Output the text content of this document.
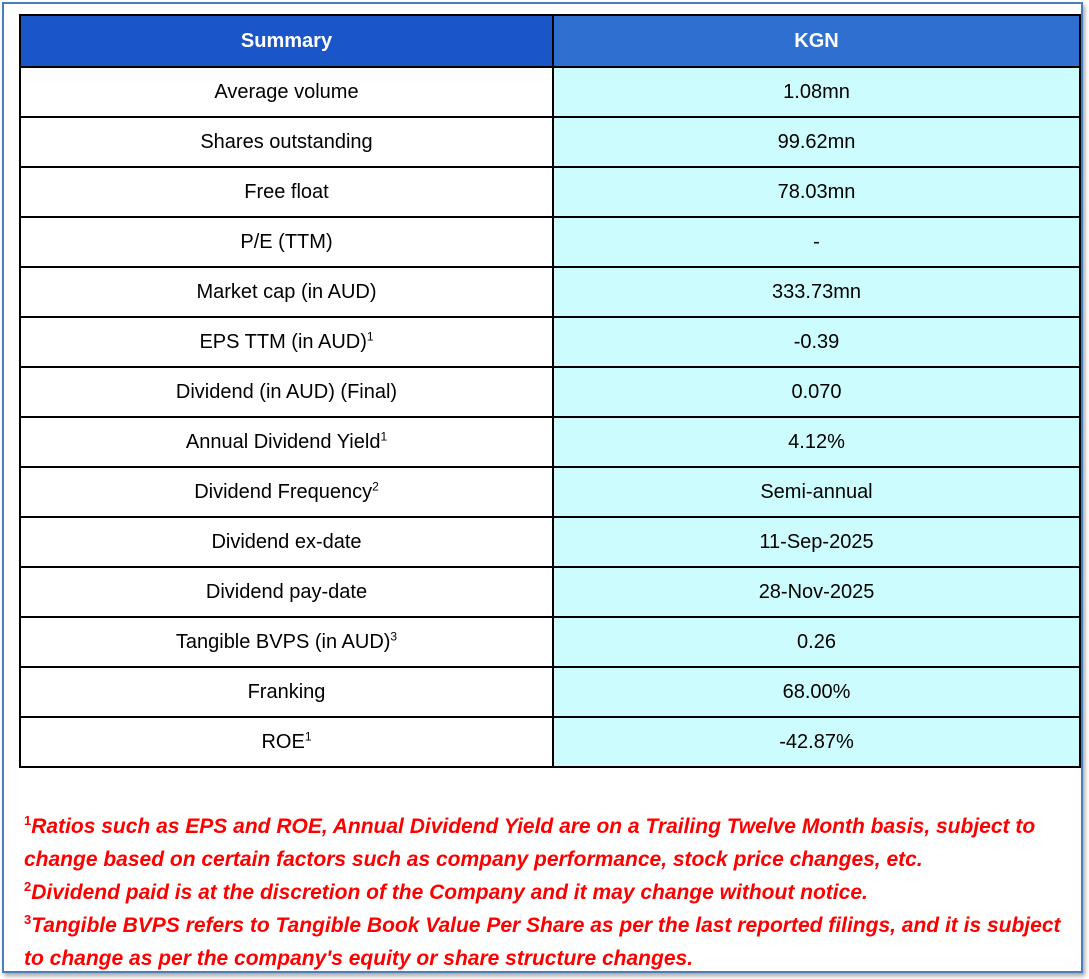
Summary	KGN
Average volume	1.08mn
Shares outstanding	99.62mn
Free float	78.03mn
P/E (TTM)	-
Market cap (in AUD)	333.73mn
EPS TTM (in AUD)$^1$	-0.39
Dividend (in AUD) (Final)	0.070
Annual Dividend Yield$^1$	4.12%
Dividend Frequency$^2$	Semi-annual
Dividend ex-date	11-Sep-2025
Dividend pay-date	28-Nov-2025
Tangible BVPS (in AUD)$^3$	0.26
Franking	68.00%
ROE$^1$	-42.87%

$^1$Ratios such as EPS and ROE, Annual Dividend Yield are on a Trailing Twelve Month basis, subject to change based on certain factors such as company performance, stock price changes, etc.

$^2$Dividend paid is at the discretion of the Company and it may change without notice.

$^3$Tangible BVPS refers to Tangible Book Value Per Share as per the last reported filings, and it is subject to change as per the company's equity or share structure changes.
